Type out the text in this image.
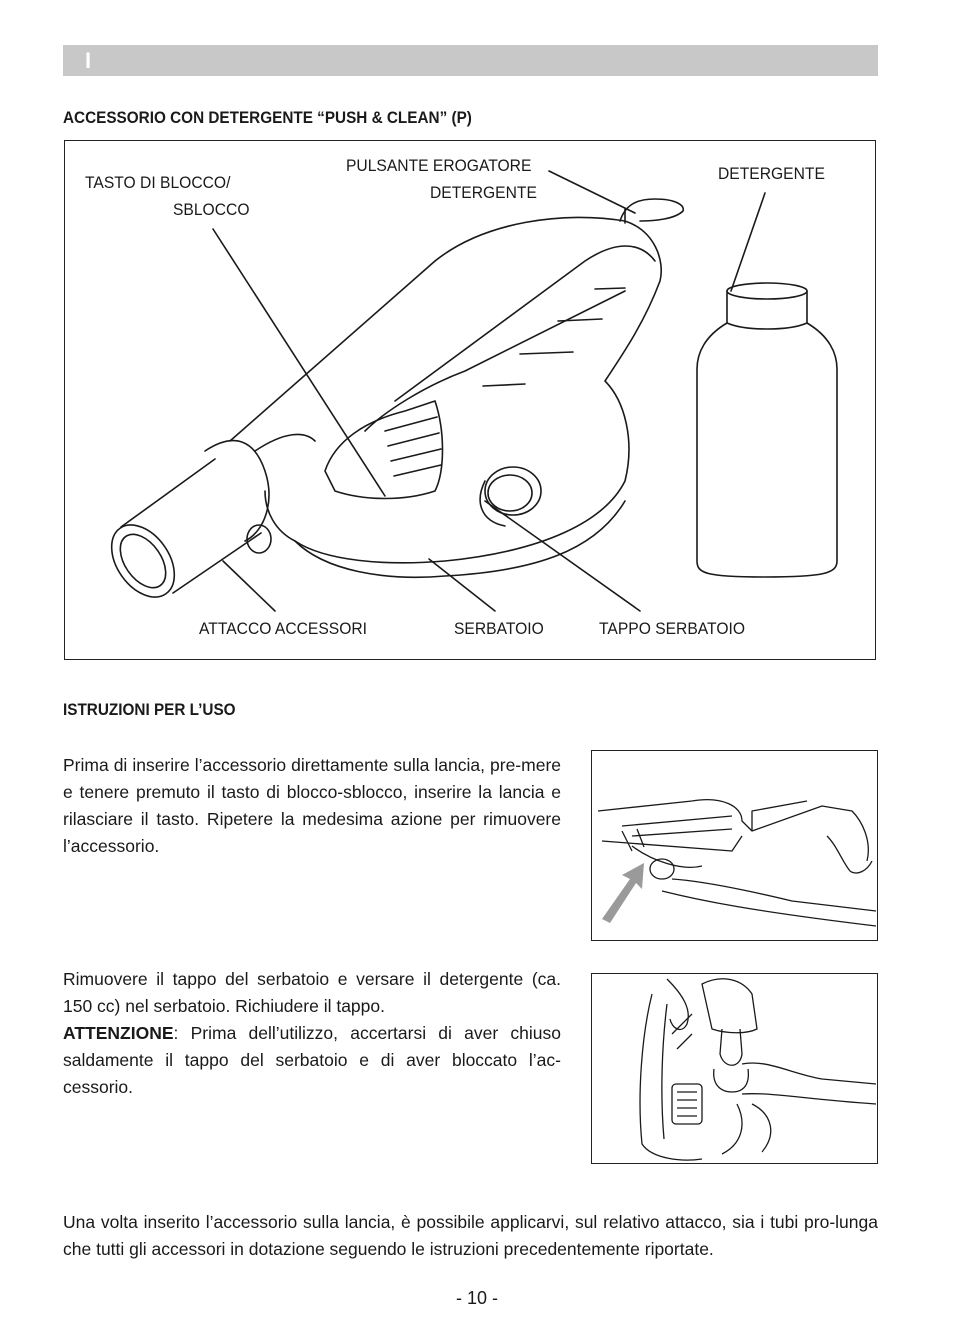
I
ACCESSORIO CON DETERGENTE “PUSH & CLEAN” (P)
TASTO DI BLOCCO/
SBLOCCO
PULSANTE EROGATORE
DETERGENTE
DETERGENTE
ATTACCO ACCESSORI	SERBATOIO	TAPPO SERBATOIO
ISTRUZIONI PER L’USO
Prima di inserire l’accessorio direttamente sulla lancia, pre-mere e tenere premuto il tasto di blocco-sblocco, inserire la lancia e rilasciare il tasto. Ripetere la medesima azione per rimuovere l’accessorio.
Rimuovere il tappo del serbatoio e versare il detergente (ca. 150 cc) nel serbatoio. Richiudere il tappo.
ATTENZIONE: Prima dell’utilizzo, accertarsi di aver chiuso saldamente il tappo del serbatoio e di aver bloccato l’ac-cessorio.
Una volta inserito l’accessorio sulla lancia, è possibile applicarvi, sul relativo attacco, sia i tubi pro-lunga che tutti gli accessori in dotazione seguendo le istruzioni precedentemente riportate.
- 10 -
